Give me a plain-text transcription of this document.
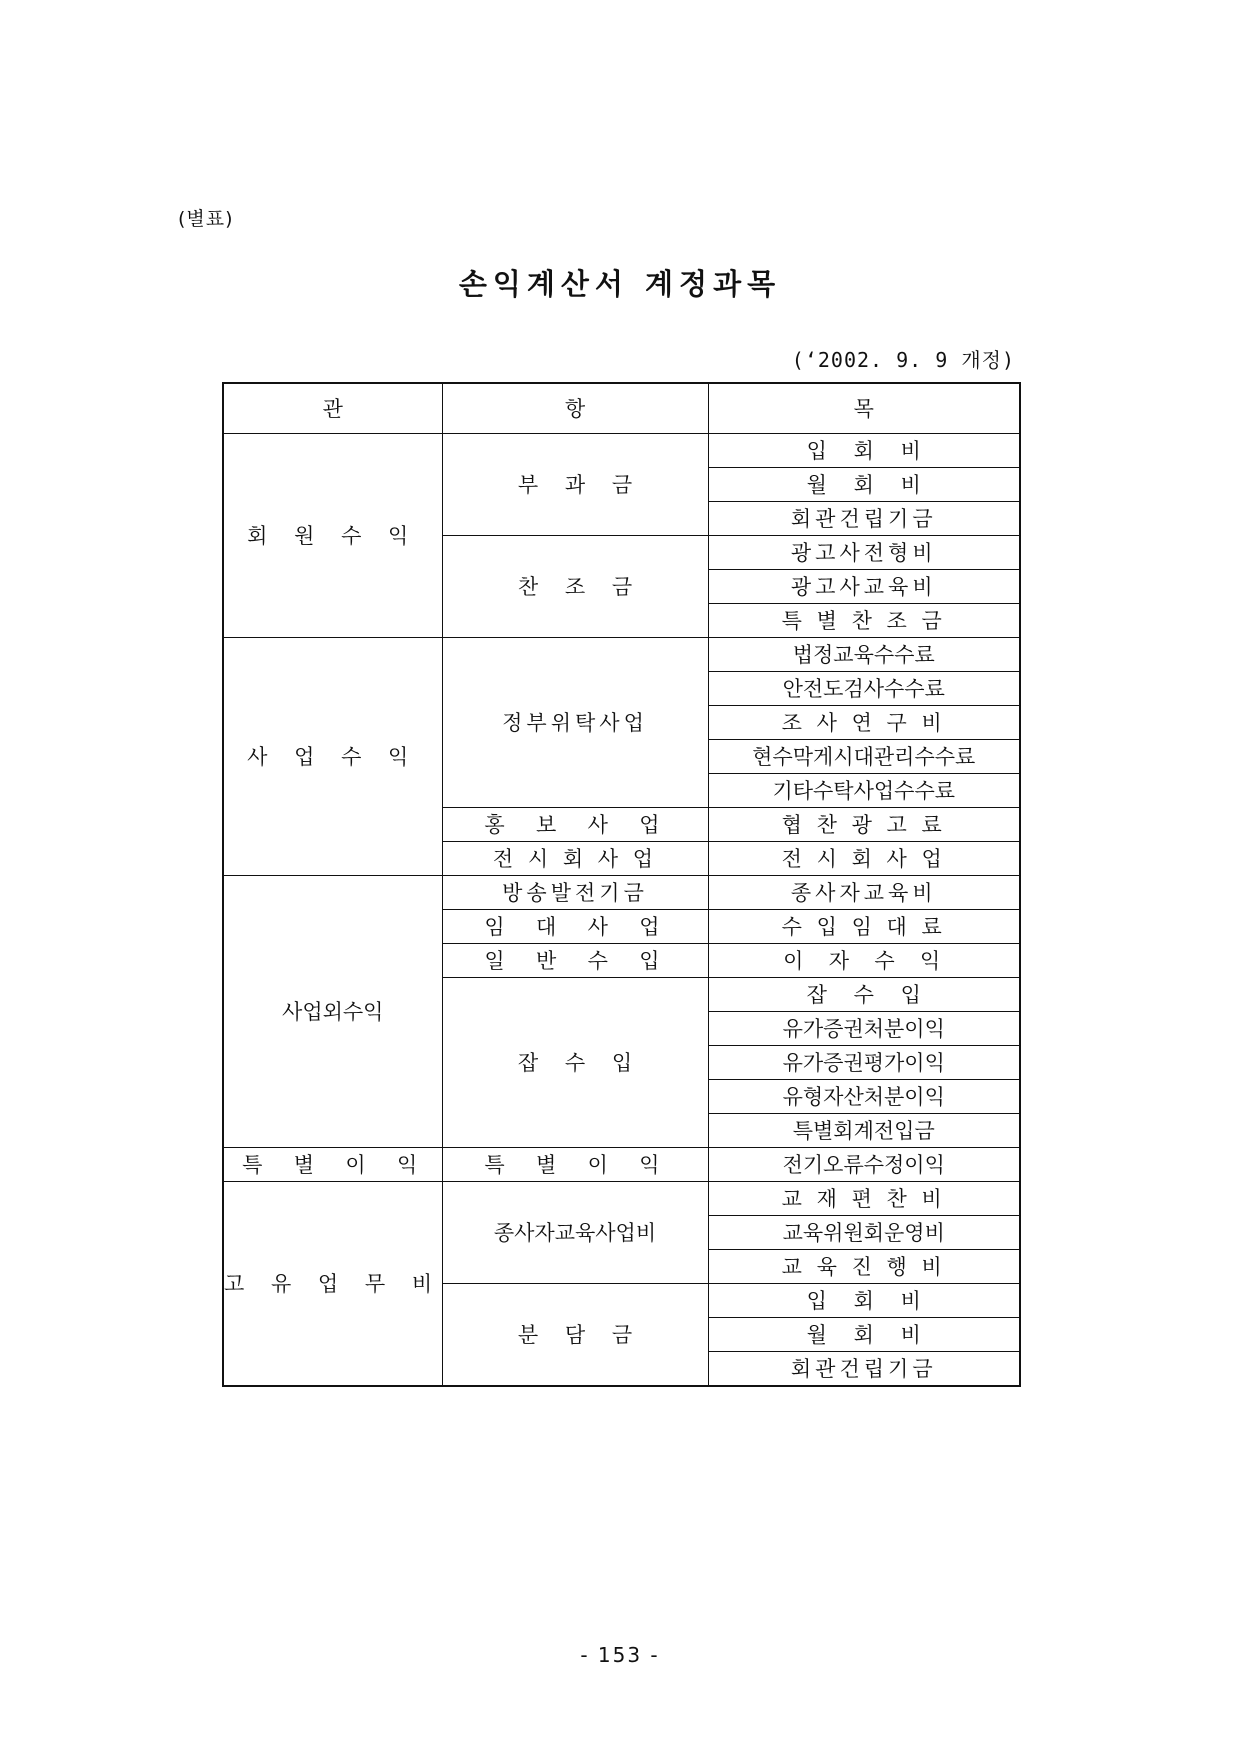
(별표)
손익계산서 계정과목
(‘2002. 9. 9 개정)
관	항	목
회 원 수 익	부    과    금	입    회    비
		월    회    비
		회관건립기금
	찬    조    금	광고사전형비
		광고사교육비
		특 별 찬 조 금
사 업 수 익	정부위탁사업	법정교육수수료
		안전도검사수수료
		조 사 연 구 비
		현수막게시대관리수수료
		기타수탁사업수수료
	홍  보  사  업	협 찬 광 고 료
	전 시 회 사 업	전 시 회 사 업
사업외수익	방송발전기금	종사자교육비
	임  대  사  업	수 입 임 대 료
	일  반  수  입	이  자  수  익
	잡    수    입	잡    수    입
		유가증권처분이익
		유가증권평가이익
		유형자산처분이익
		특별회계전입금
특  별  이  익	특  별  이  익	전기오류수정이익
고 유 업 무 비	종사자교육사업비	교 재 편 찬 비
		교육위원회운영비
		교 육 진 행 비
	분    담    금	입    회    비
		월    회    비
		회관건립기금
- 153 -
